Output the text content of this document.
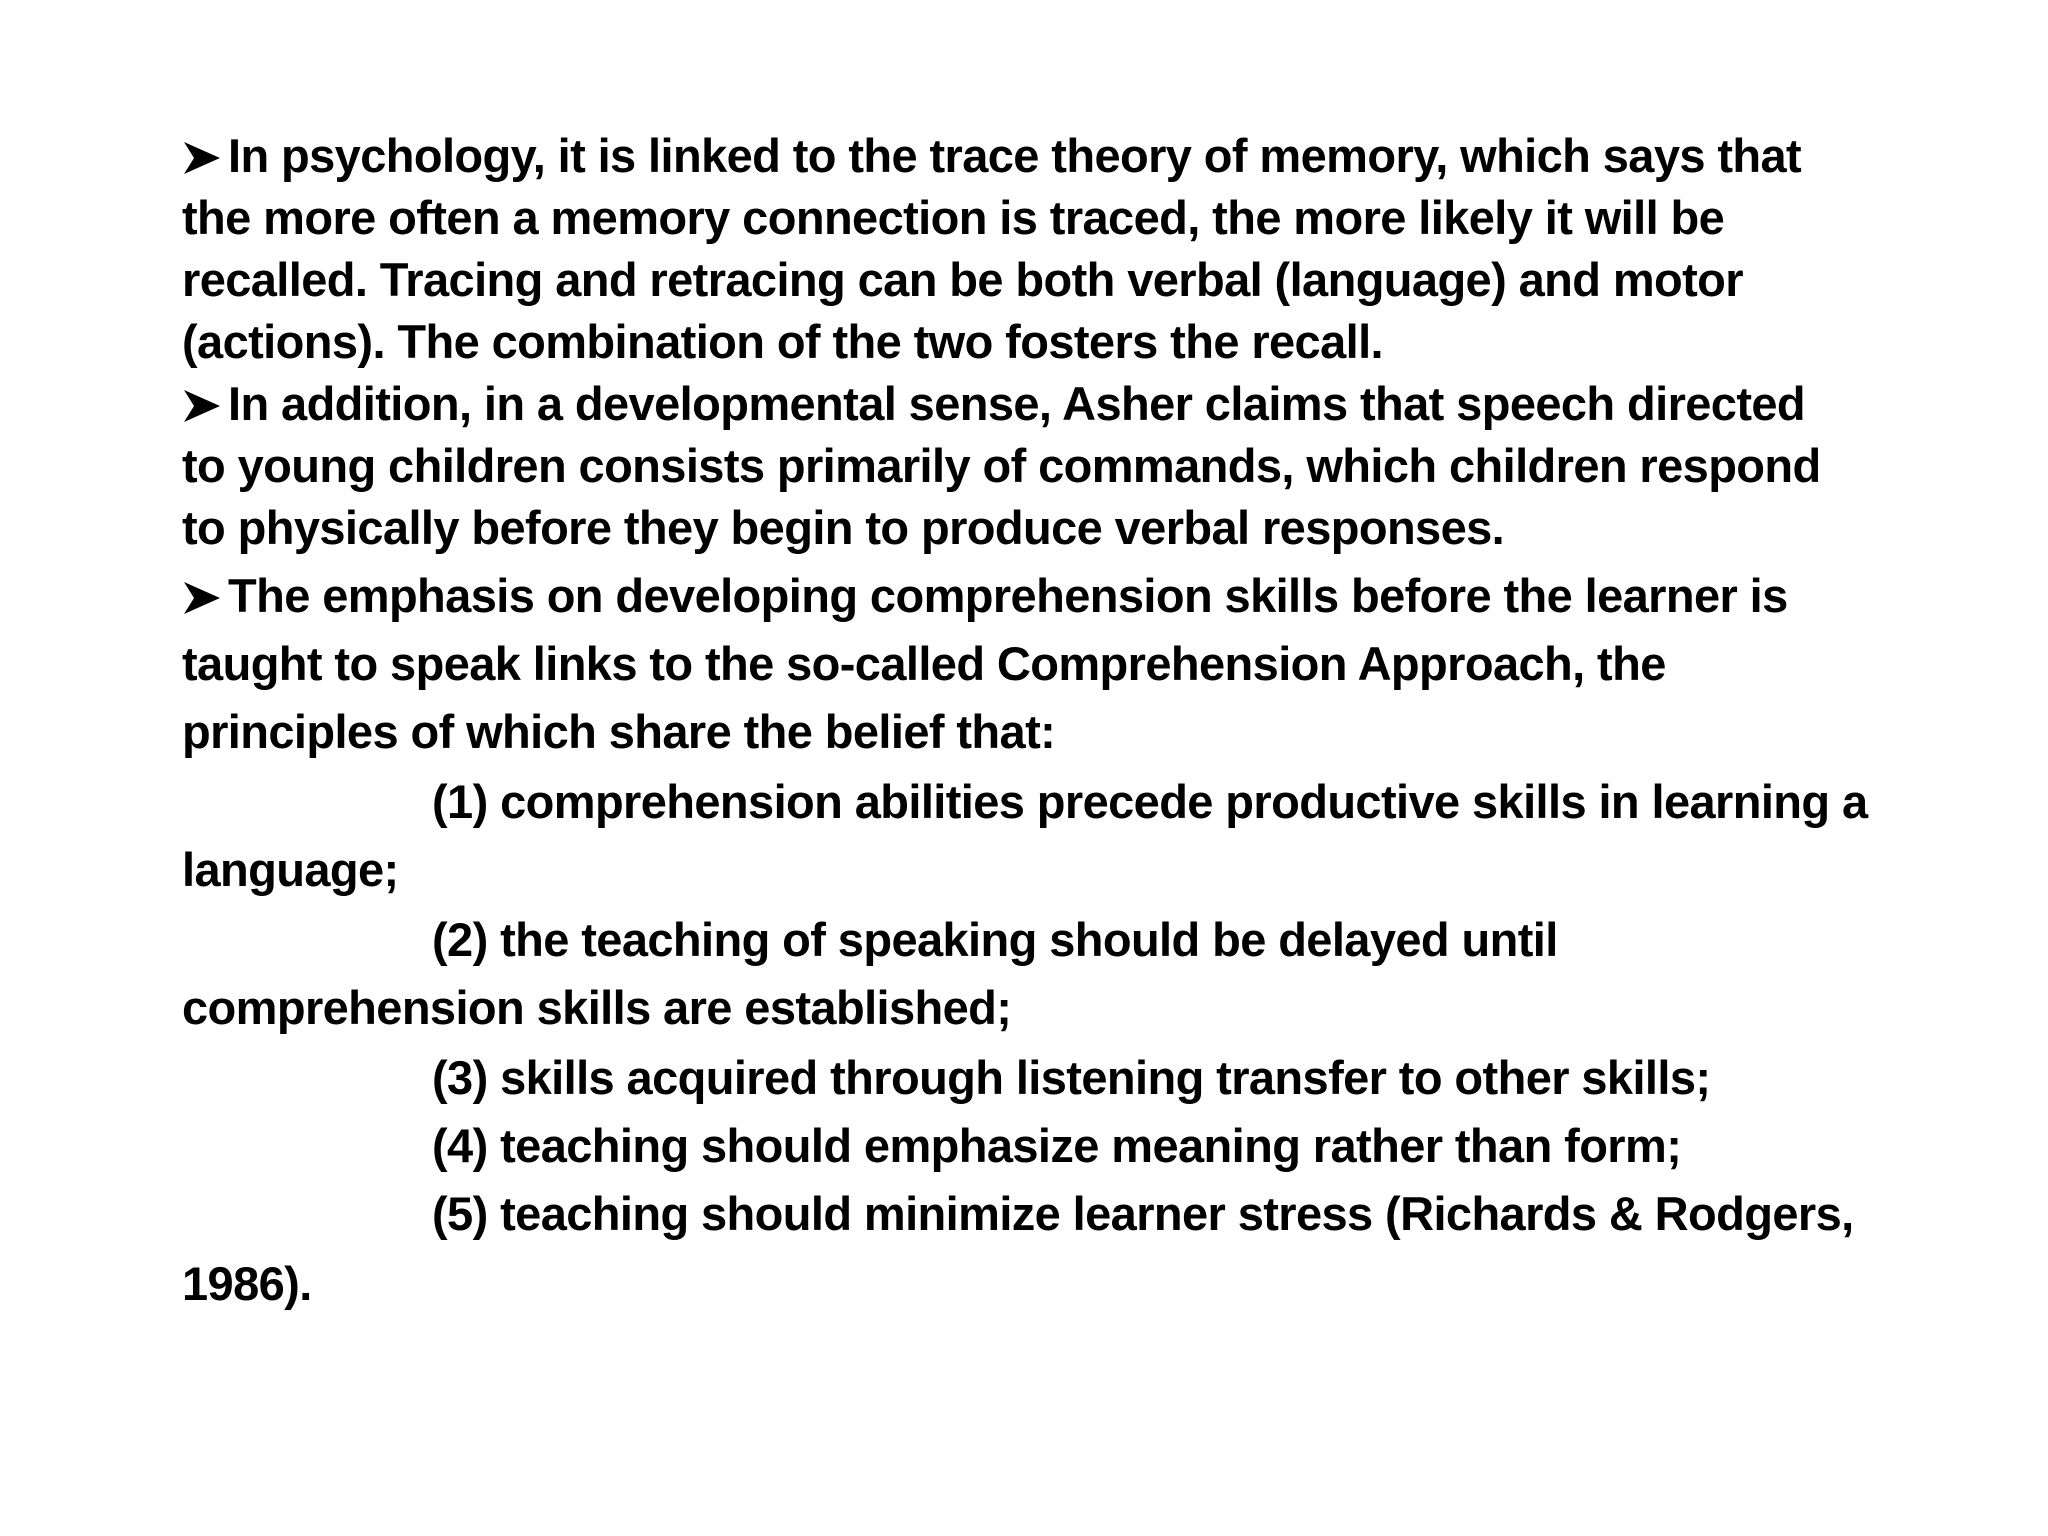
In psychology, it is linked to the trace theory of memory, which says that
the more often a memory connection is traced, the more likely it will be
recalled. Tracing and retracing can be both verbal (language) and motor
(actions). The combination of the two fosters the recall.
In addition, in a developmental sense, Asher claims that speech directed
to young children consists primarily of commands, which children respond
to physically before they begin to produce verbal responses.
The emphasis on developing comprehension skills before the learner is
taught to speak links to the so-called Comprehension Approach, the
principles of which share the belief that:
(1) comprehension abilities precede productive skills in learning a
language;
(2) the teaching of speaking should be delayed until
comprehension skills are established;
(3) skills acquired through listening transfer to other skills;
(4) teaching should emphasize meaning rather than form;
(5) teaching should minimize learner stress (Richards & Rodgers,
1986).
